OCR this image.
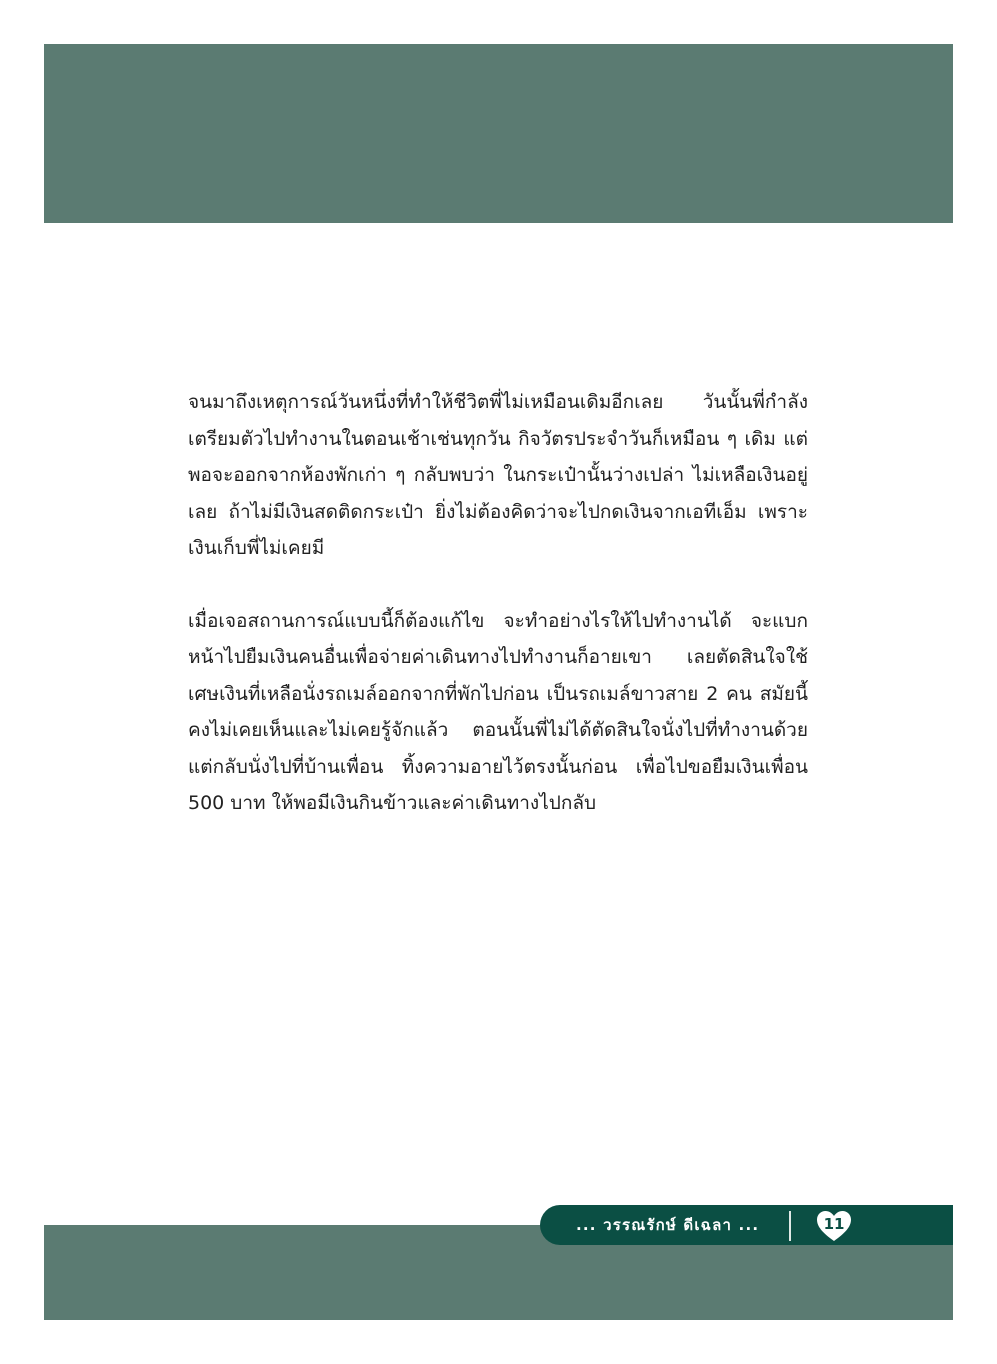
จนมาถึงเหตุการณ์วันหนึ่งที่ทำให้ชีวิตพี่ไม่เหมือนเดิมอีกเลย วันนั้นพี่กำลังเตรียมตัวไปทำงานในตอนเช้าเช่นทุกวัน กิจวัตรประจำวันก็เหมือน ๆ เดิม แต่พอจะออกจากห้องพักเก่า ๆ กลับพบว่า ในกระเป๋านั้นว่างเปล่า ไม่เหลือเงินอยู่เลย ถ้าไม่มีเงินสดติดกระเป๋า ยิ่งไม่ต้องคิดว่าจะไปกดเงินจากเอทีเอ็ม เพราะเงินเก็บพี่ไม่เคยมี

เมื่อเจอสถานการณ์แบบนี้ก็ต้องแก้ไข จะทำอย่างไรให้ไปทำงานได้ จะแบกหน้าไปยืมเงินคนอื่นเพื่อจ่ายค่าเดินทางไปทำงานก็อายเขา เลยตัดสินใจใช้เศษเงินที่เหลือนั่งรถเมล์ออกจากที่พักไปก่อน เป็นรถเมล์ขาวสาย 2 คน สมัยนี้คงไม่เคยเห็นและไม่เคยรู้จักแล้ว ตอนนั้นพี่ไม่ได้ตัดสินใจนั่งไปที่ทำงานด้วย แต่กลับนั่งไปที่บ้านเพื่อน ทิ้งความอายไว้ตรงนั้นก่อน เพื่อไปขอยืมเงินเพื่อน 500 บาท ให้พอมีเงินกินข้าวและค่าเดินทางไปกลับ

... วรรณรักษ์ ดีเฉลา ...	11
